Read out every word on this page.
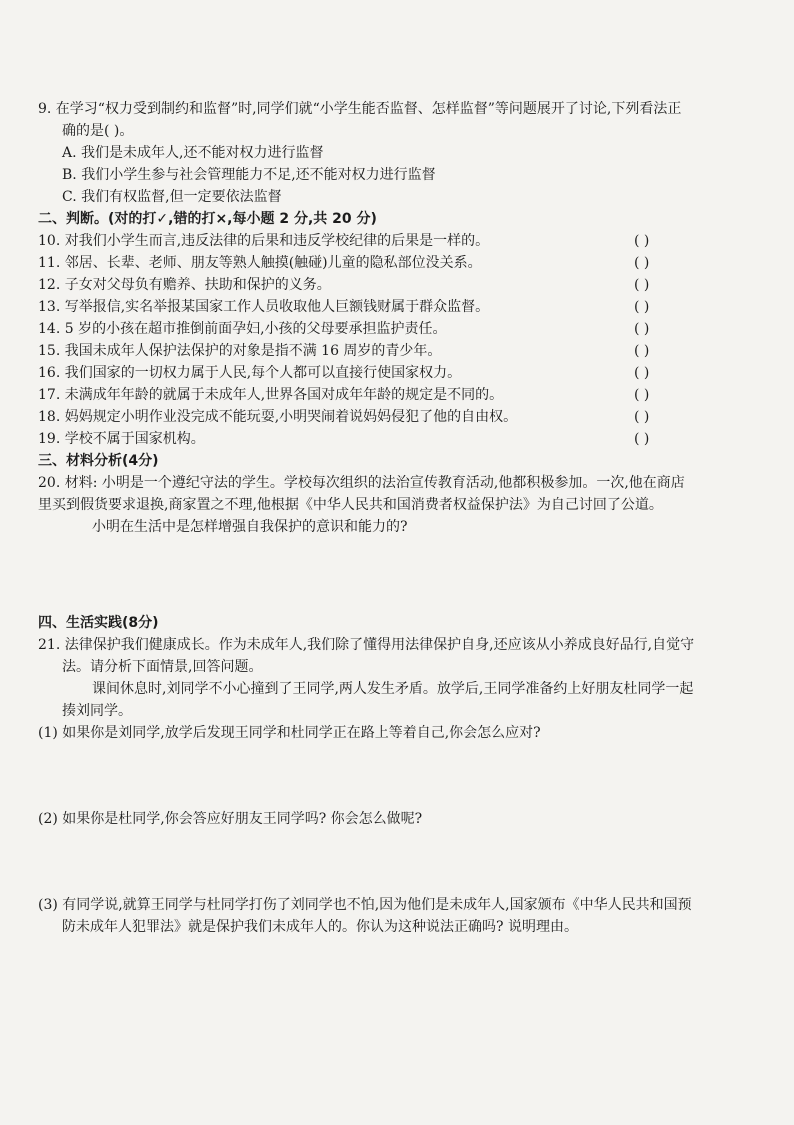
9. 在学习“权力受到制约和监督”时,同学们就“小学生能否监督、怎样监督”等问题展开了讨论,下列看法正
确的是( )。
A. 我们是未成年人,还不能对权力进行监督
B. 我们小学生参与社会管理能力不足,还不能对权力进行监督
C. 我们有权监督,但一定要依法监督
二、判断。(对的打✓,错的打×,每小题 2 分,共 20 分)
10. 对我们小学生而言,违反法律的后果和违反学校纪律的后果是一样的。	( )
11. 邻居、长辈、老师、朋友等熟人触摸(触碰)儿童的隐私部位没关系。	( )
12. 子女对父母负有赡养、扶助和保护的义务。	( )
13. 写举报信,实名举报某国家工作人员收取他人巨额钱财属于群众监督。	( )
14. 5 岁的小孩在超市推倒前面孕妇,小孩的父母要承担监护责任。	( )
15. 我国未成年人保护法保护的对象是指不满 16 周岁的青少年。	( )
16. 我们国家的一切权力属于人民,每个人都可以直接行使国家权力。	( )
17. 未满成年年龄的就属于未成年人,世界各国对成年年龄的规定是不同的。	( )
18. 妈妈规定小明作业没完成不能玩耍,小明哭闹着说妈妈侵犯了他的自由权。	( )
19. 学校不属于国家机构。	( )
三、材料分析(4分)
20. 材料: 小明是一个遵纪守法的学生。学校每次组织的法治宣传教育活动,他都积极参加。一次,他在商店
里买到假货要求退换,商家置之不理,他根据《中华人民共和国消费者权益保护法》为自己讨回了公道。
小明在生活中是怎样增强自我保护的意识和能力的?
四、生活实践(8分)
21. 法律保护我们健康成长。作为未成年人,我们除了懂得用法律保护自身,还应该从小养成良好品行,自觉守
法。请分析下面情景,回答问题。
课间休息时,刘同学不小心撞到了王同学,两人发生矛盾。放学后,王同学准备约上好朋友杜同学一起
揍刘同学。
(1) 如果你是刘同学,放学后发现王同学和杜同学正在路上等着自己,你会怎么应对?
(2) 如果你是杜同学,你会答应好朋友王同学吗? 你会怎么做呢?
(3) 有同学说,就算王同学与杜同学打伤了刘同学也不怕,因为他们是未成年人,国家颁布《中华人民共和国预
防未成年人犯罪法》就是保护我们未成年人的。你认为这种说法正确吗? 说明理由。
